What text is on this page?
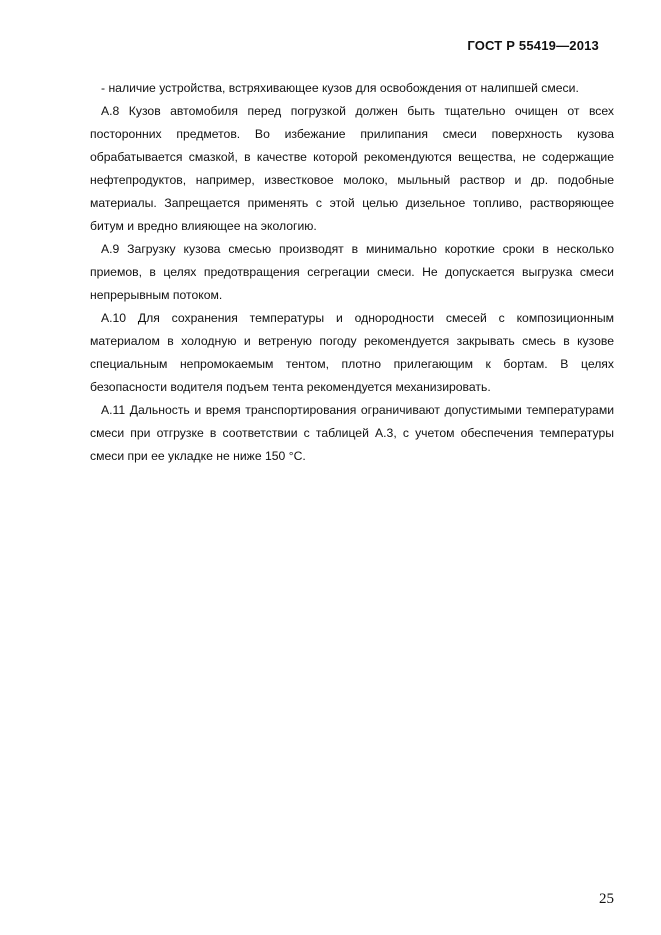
ГОСТ Р 55419—2013

- наличие устройства, встряхивающее кузов для освобождения от налипшей смеси.

А.8 Кузов автомобиля перед погрузкой должен быть тщательно очищен от всех посторонних предметов. Во избежание прилипания смеси поверхность кузова обрабатывается смазкой, в качестве которой рекомендуются вещества, не содержащие нефтепродуктов, например, известковое молоко, мыльный раствор и др. подобные материалы. Запрещается применять с этой целью дизельное топливо, растворяющее битум и вредно влияющее на экологию.

А.9 Загрузку кузова смесью производят в минимально короткие сроки в несколько приемов, в целях предотвращения сегрегации смеси. Не допускается выгрузка смеси непрерывным потоком.

А.10 Для сохранения температуры и однородности смесей с композиционным материалом в холодную и ветреную погоду рекомендуется закрывать смесь в кузове специальным непромокаемым тентом, плотно прилегающим к бортам. В целях безопасности водителя подъем тента рекомендуется механизировать.

А.11 Дальность и время транспортирования ограничивают допустимыми температурами смеси при отгрузке в соответствии с таблицей А.3, с учетом обеспечения температуры смеси при ее укладке не ниже 150 °С.

25
